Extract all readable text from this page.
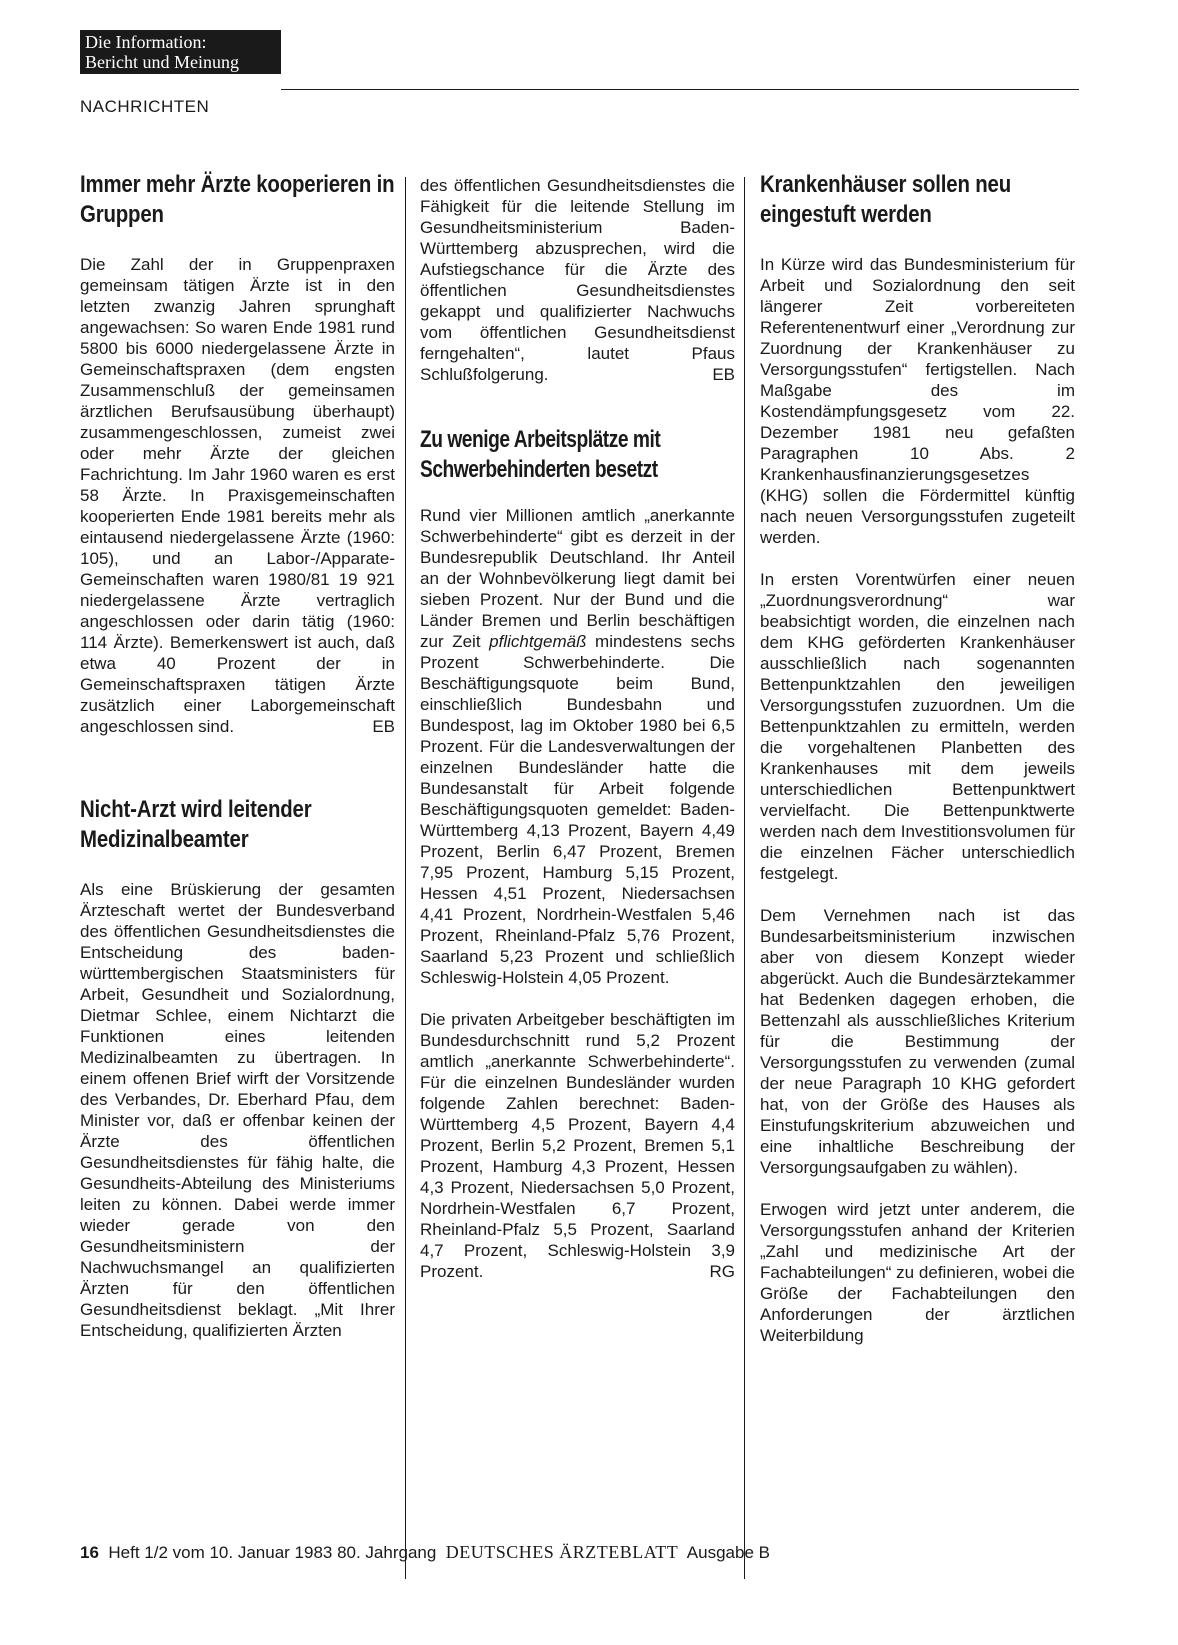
Die Information:
Bericht und Meinung
NACHRICHTEN
Immer mehr Ärzte kooperieren in Gruppen

Die Zahl der in Gruppenpraxen gemeinsam tätigen Ärzte ist in den letzten zwanzig Jahren sprunghaft angewachsen: So waren Ende 1981 rund 5800 bis 6000 niedergelassene Ärzte in Gemeinschaftspraxen (dem engsten Zusammenschluß der gemeinsamen ärztlichen Berufsausübung überhaupt) zusammengeschlossen, zumeist zwei oder mehr Ärzte der gleichen Fachrichtung. Im Jahr 1960 waren es erst 58 Ärzte. In Praxisgemeinschaften kooperierten Ende 1981 bereits mehr als eintausend niedergelassene Ärzte (1960: 105), und an Labor-/Apparate-Gemeinschaften waren 1980/81 19 921 niedergelassene Ärzte vertraglich angeschlossen oder darin tätig (1960: 114 Ärzte). Bemerkenswert ist auch, daß etwa 40 Prozent der in Gemeinschaftspraxen tätigen Ärzte zusätzlich einer Laborgemeinschaft angeschlossen sind.	EB

Nicht-Arzt wird leitender Medizinalbeamter

Als eine Brüskierung der gesamten Ärzteschaft wertet der Bundesverband des öffentlichen Gesundheitsdienstes die Entscheidung des baden-württembergischen Staatsministers für Arbeit, Gesundheit und Sozialordnung, Dietmar Schlee, einem Nichtarzt die Funktionen eines leitenden Medizinalbeamten zu übertragen. In einem offenen Brief wirft der Vorsitzende des Verbandes, Dr. Eberhard Pfau, dem Minister vor, daß er offenbar keinen der Ärzte des öffentlichen Gesundheitsdienstes für fähig halte, die Gesundheits-Abteilung des Ministeriums leiten zu können. Dabei werde immer wieder gerade von den Gesundheitsministern der Nachwuchsmangel an qualifizierten Ärzten für den öffentlichen Gesundheitsdienst beklagt. „Mit Ihrer Entscheidung, qualifizierten Ärzten

des öffentlichen Gesundheitsdienstes die Fähigkeit für die leitende Stellung im Gesundheitsministerium Baden-Württemberg abzusprechen, wird die Aufstiegschance für die Ärzte des öffentlichen Gesundheitsdienstes gekappt und qualifizierter Nachwuchs vom öffentlichen Gesundheitsdienst ferngehalten“, lautet Pfaus Schlußfolgerung.	EB

Zu wenige Arbeitsplätze mit Schwerbehinderten besetzt

Rund vier Millionen amtlich „anerkannte Schwerbehinderte“ gibt es derzeit in der Bundesrepublik Deutschland. Ihr Anteil an der Wohnbevölkerung liegt damit bei sieben Prozent. Nur der Bund und die Länder Bremen und Berlin beschäftigen zur Zeit pflichtgemäß mindestens sechs Prozent Schwerbehinderte. Die Beschäftigungsquote beim Bund, einschließlich Bundesbahn und Bundespost, lag im Oktober 1980 bei 6,5 Prozent. Für die Landesverwaltungen der einzelnen Bundesländer hatte die Bundesanstalt für Arbeit folgende Beschäftigungsquoten gemeldet: Baden-Württemberg 4,13 Prozent, Bayern 4,49 Prozent, Berlin 6,47 Prozent, Bremen 7,95 Prozent, Hamburg 5,15 Prozent, Hessen 4,51 Prozent, Niedersachsen 4,41 Prozent, Nordrhein-Westfalen 5,46 Prozent, Rheinland-Pfalz 5,76 Prozent, Saarland 5,23 Prozent und schließlich Schleswig-Holstein 4,05 Prozent.

Die privaten Arbeitgeber beschäftigten im Bundesdurchschnitt rund 5,2 Prozent amtlich „anerkannte Schwerbehinderte“. Für die einzelnen Bundesländer wurden folgende Zahlen berechnet: Baden-Württemberg 4,5 Prozent, Bayern 4,4 Prozent, Berlin 5,2 Prozent, Bremen 5,1 Prozent, Hamburg 4,3 Prozent, Hessen 4,3 Prozent, Niedersachsen 5,0 Prozent, Nordrhein-Westfalen 6,7 Prozent, Rheinland-Pfalz 5,5 Prozent, Saarland 4,7 Prozent, Schleswig-Holstein 3,9 Prozent.	RG

Krankenhäuser sollen neu eingestuft werden

In Kürze wird das Bundesministerium für Arbeit und Sozialordnung den seit längerer Zeit vorbereiteten Referentenentwurf einer „Verordnung zur Zuordnung der Krankenhäuser zu Versorgungsstufen“ fertigstellen. Nach Maßgabe des im Kostendämpfungsgesetz vom 22. Dezember 1981 neu gefaßten Paragraphen 10 Abs. 2 Krankenhausfinanzierungsgesetzes (KHG) sollen die Fördermittel künftig nach neuen Versorgungsstufen zugeteilt werden.

In ersten Vorentwürfen einer neuen „Zuordnungsverordnung“ war beabsichtigt worden, die einzelnen nach dem KHG geförderten Krankenhäuser ausschließlich nach sogenannten Bettenpunktzahlen den jeweiligen Versorgungsstufen zuzuordnen. Um die Bettenpunktzahlen zu ermitteln, werden die vorgehaltenen Planbetten des Krankenhauses mit dem jeweils unterschiedlichen Bettenpunktwert vervielfacht. Die Bettenpunktwerte werden nach dem Investitionsvolumen für die einzelnen Fächer unterschiedlich festgelegt.

Dem Vernehmen nach ist das Bundesarbeitsministerium inzwischen aber von diesem Konzept wieder abgerückt. Auch die Bundesärztekammer hat Bedenken dagegen erhoben, die Bettenzahl als ausschließliches Kriterium für die Bestimmung der Versorgungsstufen zu verwenden (zumal der neue Paragraph 10 KHG gefordert hat, von der Größe des Hauses als Einstufungskriterium abzuweichen und eine inhaltliche Beschreibung der Versorgungsaufgaben zu wählen).

Erwogen wird jetzt unter anderem, die Versorgungsstufen anhand der Kriterien „Zahl und medizinische Art der Fachabteilungen“ zu definieren, wobei die Größe der Fachabteilungen den Anforderungen der ärztlichen Weiterbildung

16 Heft 1/2 vom 10. Januar 1983 80. Jahrgang DEUTSCHES ÄRZTEBLATT Ausgabe B
